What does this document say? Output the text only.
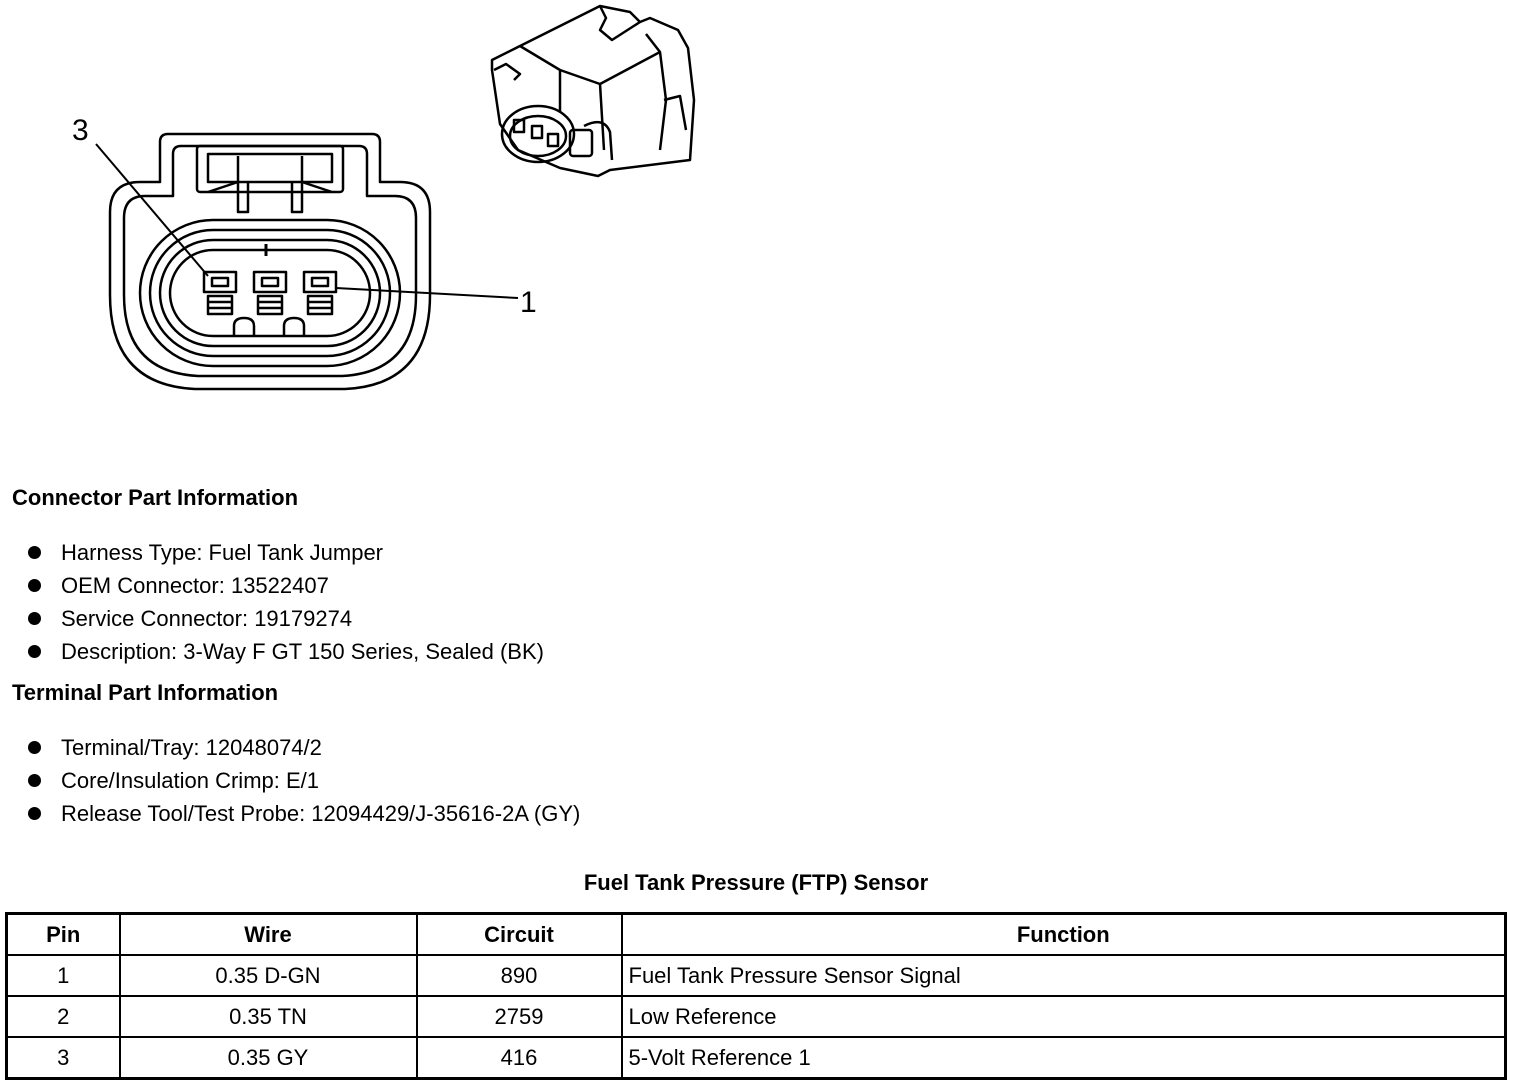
3
1
Connector Part Information
Harness Type: Fuel Tank Jumper
OEM Connector: 13522407
Service Connector: 19179274
Description: 3-Way F GT 150 Series, Sealed (BK)
Terminal Part Information
Terminal/Tray: 12048074/2
Core/Insulation Crimp: E/1
Release Tool/Test Probe: 12094429/J-35616-2A (GY)
Fuel Tank Pressure (FTP) Sensor
Pin	Wire	Circuit	Function
1	0.35 D-GN	890	Fuel Tank Pressure Sensor Signal
2	0.35 TN	2759	Low Reference
3	0.35 GY	416	5-Volt Reference 1
